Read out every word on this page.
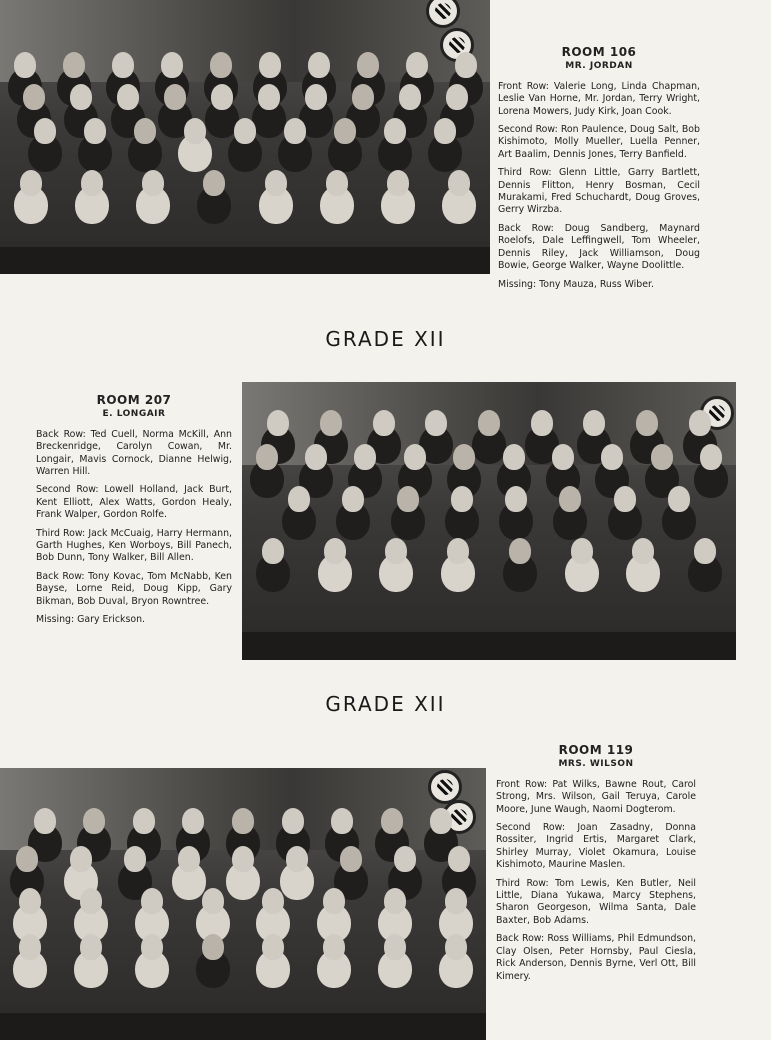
ROOM 106
MR. JORDAN

Front Row: Valerie Long, Linda Chapman, Leslie Van Horne, Mr. Jordan, Terry Wright, Lorena Mowers, Judy Kirk, Joan Cook.

Second Row: Ron Paulence, Doug Salt, Bob Kishimoto, Molly Mueller, Luella Penner, Art Baalim, Dennis Jones, Terry Banfield.

Third Row: Glenn Little, Garry Bartlett, Dennis Flitton, Henry Bosman, Cecil Murakami, Fred Schuchardt, Doug Groves, Gerry Wirzba.

Back Row: Doug Sandberg, Maynard Roelofs, Dale Leffingwell, Tom Wheeler, Dennis Riley, Jack Williamson, Doug Bowie, George Walker, Wayne Doolittle.

Missing: Tony Mauza, Russ Wiber.

GRADE XII
ROOM 207
E. LONGAIR

Back Row: Ted Cuell, Norma McKill, Ann Breckenridge, Carolyn Cowan, Mr. Longair, Mavis Cornock, Dianne Helwig, Warren Hill.

Second Row: Lowell Holland, Jack Burt, Kent Elliott, Alex Watts, Gordon Healy, Frank Walper, Gordon Rolfe.

Third Row: Jack McCuaig, Harry Hermann, Garth Hughes, Ken Worboys, Bill Panech, Bob Dunn, Tony Walker, Bill Allen.

Back Row: Tony Kovac, Tom McNabb, Ken Bayse, Lorne Reid, Doug Kipp, Gary Bikman, Bob Duval, Bryon Rowntree.

Missing: Gary Erickson.

GRADE XII
ROOM 119
MRS. WILSON

Front Row: Pat Wilks, Bawne Rout, Carol Strong, Mrs. Wilson, Gail Teruya, Carole Moore, June Waugh, Naomi Dogterom.

Second Row: Joan Zasadny, Donna Rossiter, Ingrid Ertis, Margaret Clark, Shirley Murray, Violet Okamura, Louise Kishimoto, Maurine Maslen.

Third Row: Tom Lewis, Ken Butler, Neil Little, Diana Yukawa, Marcy Stephens, Sharon Georgeson, Wilma Santa, Dale Baxter, Bob Adams.

Back Row: Ross Williams, Phil Edmundson, Clay Olsen, Peter Hornsby, Paul Ciesla, Rick Anderson, Dennis Byrne, Verl Ott, Bill Kimery.
